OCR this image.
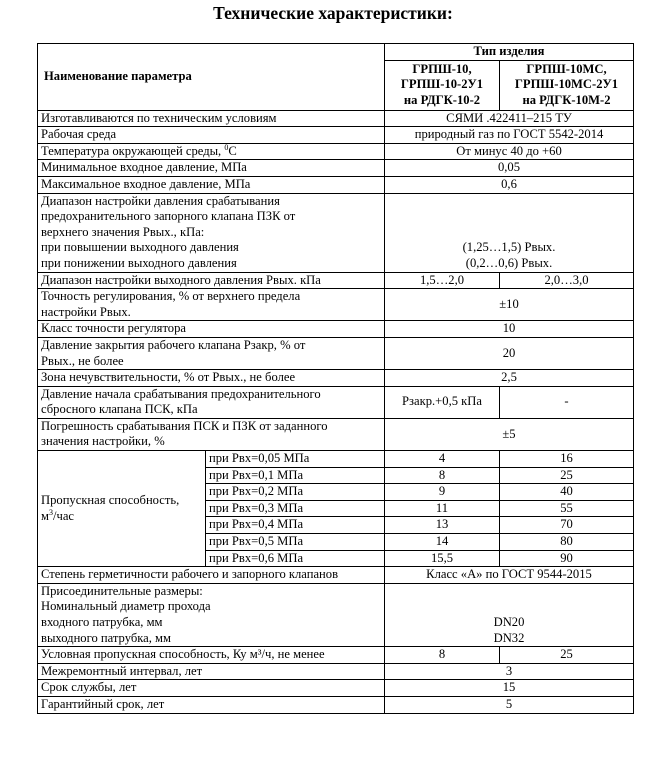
Технические характеристики:
Наименование параметра		Тип изделия	
		ГРПШ-10,
ГРПШ-10-2У1
на РДГК-10-2	ГРПШ-10МС,
ГРПШ-10МС-2У1
на РДГК-10М-2
Изготавливаются по техническим условиям		СЯМИ .422411–215 ТУ	
Рабочая среда		природный газ по ГОСТ 5542-2014	
Температура окружающей среды, $^0$С		От минус 40 до +60	
Минимальное входное давление, МПа		0,05	
Максимальное входное давление, МПа		0,6	
Диапазон настройки давления срабатывания
предохранительного запорного клапана ПЗК от
верхнего значения Рвых., кПа:
при повышении выходного давления
при понижении выходного давления		(1,25…1,5) Рвых.
(0,2…0,6) Рвых.	
Диапазон настройки выходного давления Рвых. кПа		1,5…2,0	2,0…3,0
Точность регулирования, % от верхнего предела
настройки Рвых.		±10	
Класс точности регулятора		10	
Давление закрытия рабочего клапана Рзакр, % от
Рвых., не более		20	
Зона нечувствительности, % от Рвых., не более		2,5	
Давление начала срабатывания предохранительного
сбросного клапана ПСК, кПа		Рзакр.+0,5 кПа	-
Погрешность срабатывания ПСК и ПЗК от заданного
значения настройки, %		±5	
Пропускная способность,
$м^3$/час	при Рвх=0,05 МПа	4	16
	при Рвх=0,1 МПа	8	25
	при Рвх=0,2 МПа	9	40
	при Рвх=0,3 МПа	11	55
	при Рвх=0,4 МПа	13	70
	при Рвх=0,5 МПа	14	80
	при Рвх=0,6 МПа	15,5	90
Степень герметичности рабочего и запорного клапанов		Класс «А» по ГОСТ 9544-2015	
Присоединительные размеры:
Номинальный диаметр прохода
входного патрубка, мм
выходного патрубка, мм		DN20
DN32	
Условная пропускная способность, Ку м³/ч, не менее		8	25
Межремонтный интервал, лет		3	
Срок службы, лет		15	
Гарантийный срок, лет		5	
